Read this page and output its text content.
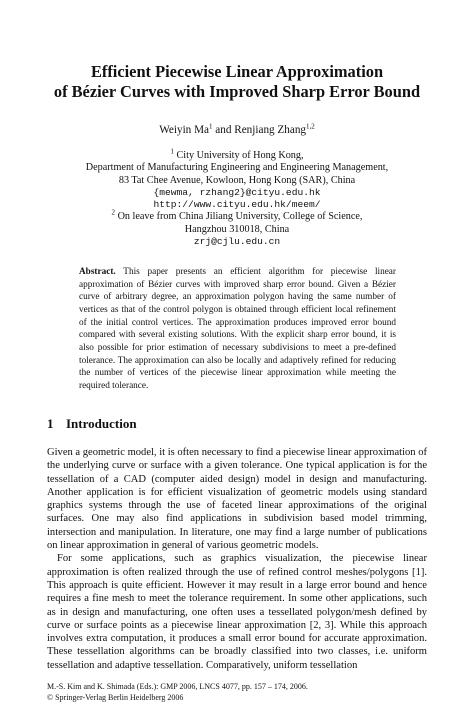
Efficient Piecewise Linear Approximation
of Bézier Curves with Improved Sharp Error Bound
Weiyin Ma$^1$ and Renjiang Zhang$^{1,2}$
$^1$ City University of Hong Kong,
Department of Manufacturing Engineering and Engineering Management,
83 Tat Chee Avenue, Kowloon, Hong Kong (SAR), China
{mewma, rzhang2}@cityu.edu.hk
http://www.cityu.edu.hk/meem/
$^2$ On leave from China Jiliang University, College of Science,
Hangzhou 310018, China
zrj@cjlu.edu.cn
Abstract. This paper presents an efficient algorithm for piecewise linear approximation of Bézier curves with improved sharp error bound. Given a Bézier curve of arbitrary degree, an approximation polygon having the same number of vertices as that of the control polygon is obtained through efficient local refinement of the initial control vertices. The approximation produces improved error bound compared with several existing solutions. With the explicit sharp error bound, it is also possible for prior estimation of necessary subdivisions to meet a pre-defined tolerance. The approximation can also be locally and adaptively refined for reducing the number of vertices of the piecewise linear approximation while meeting the required tolerance.
1 Introduction

Given a geometric model, it is often necessary to find a piecewise linear approximation of the underlying curve or surface with a given tolerance. One typical application is for the tessellation of a CAD (computer aided design) model in design and manufacturing. Another application is for efficient visualization of geometric models using standard graphics systems through the use of faceted linear approximations of the original surfaces. One may also find applications in subdivision based model trimming, intersection and manipulation. In literature, one may find a large number of publications on linear approximation in general of various geometric models.

For some applications, such as graphics visualization, the piecewise linear approximation is often realized through the use of refined control meshes/polygons [1]. This approach is quite efficient. However it may result in a large error bound and hence requires a fine mesh to meet the tolerance requirement. In some other applications, such as in design and manufacturing, one often uses a tessellated polygon/mesh defined by curve or surface points as a piecewise linear approximation [2, 3]. While this approach involves extra computation, it produces a small error bound for accurate approximation. These tessellation algorithms can be broadly classified into two classes, i.e. uniform tessellation and adaptive tessellation. Comparatively, uniform tessellation

M.-S. Kim and K. Shimada (Eds.): GMP 2006, LNCS 4077, pp. 157 – 174, 2006.
© Springer-Verlag Berlin Heidelberg 2006
